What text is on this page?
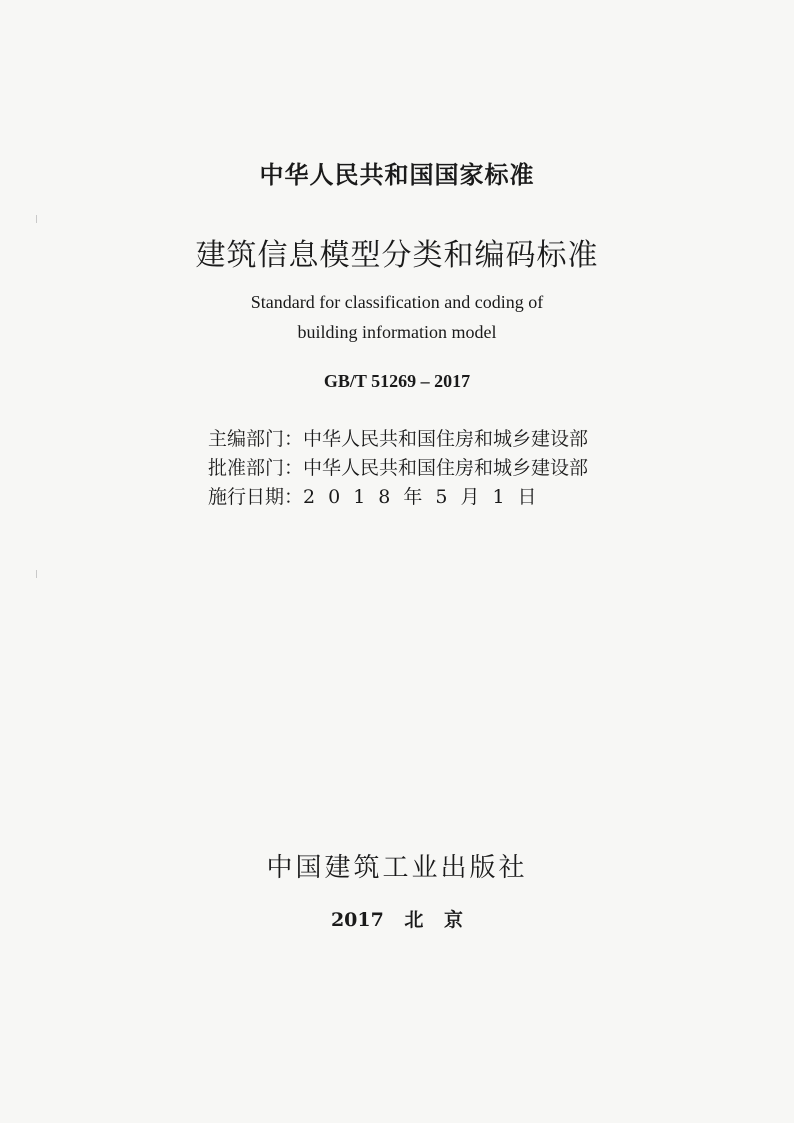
中华人民共和国国家标准
建筑信息模型分类和编码标准
Standard for classification and coding of
building information model
GB/T 51269 – 2017
主编部门：中华人民共和国住房和城乡建设部
批准部门：中华人民共和国住房和城乡建设部
施行日期：2018年5月1日
中国建筑工业出版社
2017 北 京
